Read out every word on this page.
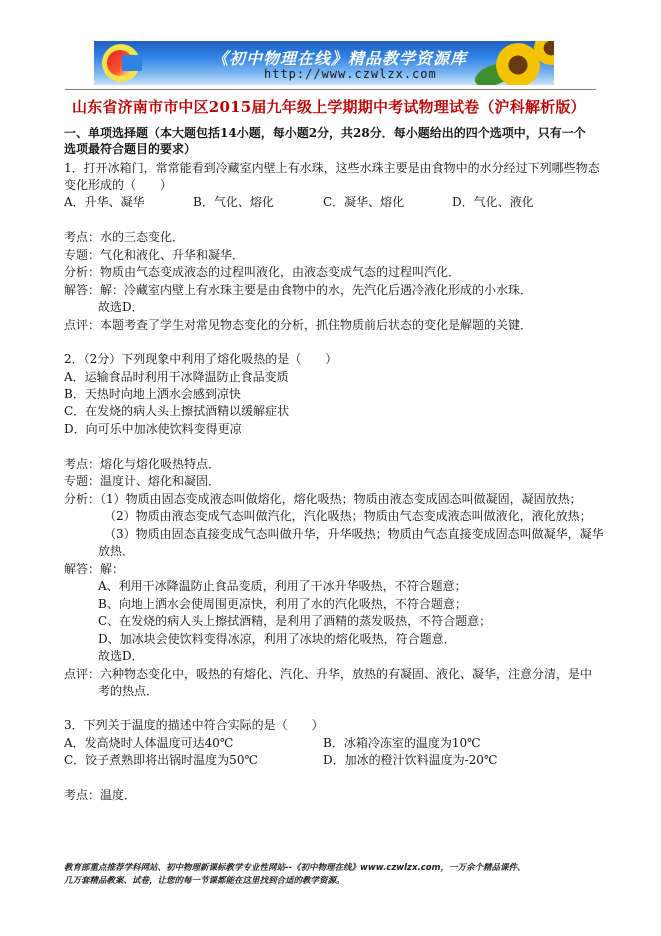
《初中物理在线》精品教学资源库
http://www.czwlzx.com
山东省济南市市中区2015届九年级上学期期中考试物理试卷（沪科解析版）
一、单项选择题（本大题包括14小题，每小题2分，共28分．每小题给出的四个选项中，只有一个
选项最符合题目的要求）
1．打开冰箱门，常常能看到冷藏室内壁上有水珠，这些水珠主要是由食物中的水分经过下列哪些物态
变化形成的（　　）
A．升华、凝华	B．气化、熔化	C．凝华、熔化	D．气化、液化
考点：水的三态变化．
专题：气化和液化、升华和凝华．
分析：物质由气态变成液态的过程叫液化，由液态变成气态的过程叫汽化．
解答：解：冷藏室内壁上有水珠主要是由食物中的水，先汽化后遇冷液化形成的小水珠．
故选D．
点评：本题考查了学生对常见物态变化的分析，抓住物质前后状态的变化是解题的关键．
2．（2分）下列现象中利用了熔化吸热的是（　　）
A．运输食品时利用干冰降温防止食品变质
B．天热时向地上洒水会感到凉快
C．在发烧的病人头上擦拭酒精以缓解症状
D．向可乐中加冰使饮料变得更凉
考点：熔化与熔化吸热特点．
专题：温度计、熔化和凝固．
分析：（1）物质由固态变成液态叫做熔化，熔化吸热；物质由液态变成固态叫做凝固，凝固放热；
（2）物质由液态变成气态叫做汽化，汽化吸热；物质由气态变成液态叫做液化，液化放热；
（3）物质由固态直接变成气态叫做升华，升华吸热；物质由气态直接变成固态叫做凝华，凝华
放热．
解答：解：
A、利用干冰降温防止食品变质，利用了干冰升华吸热，不符合题意；
B、向地上洒水会使周围更凉快，利用了水的汽化吸热，不符合题意；
C、在发烧的病人头上擦拭酒精，是利用了酒精的蒸发吸热，不符合题意；
D、加冰块会使饮料变得冰凉，利用了冰块的熔化吸热，符合题意．
故选D．
点评：六种物态变化中，吸热的有熔化、汽化、升华，放热的有凝固、液化、凝华，注意分清，是中
考的热点．
3．下列关于温度的描述中符合实际的是（　　）
A．发高烧时人体温度可达40℃	B．冰箱冷冻室的温度为10℃
C．饺子煮熟即将出锅时温度为50℃	D．加冰的橙汁饮料温度为-20℃
考点：温度．
教育部重点推荐学科网站、初中物理新课标教学专业性网站--《初中物理在线》www.czwlzx.com，一万余个精品课件、
几万套精品教案、试卷，让您的每一节课都能在这里找到合适的教学资源。
